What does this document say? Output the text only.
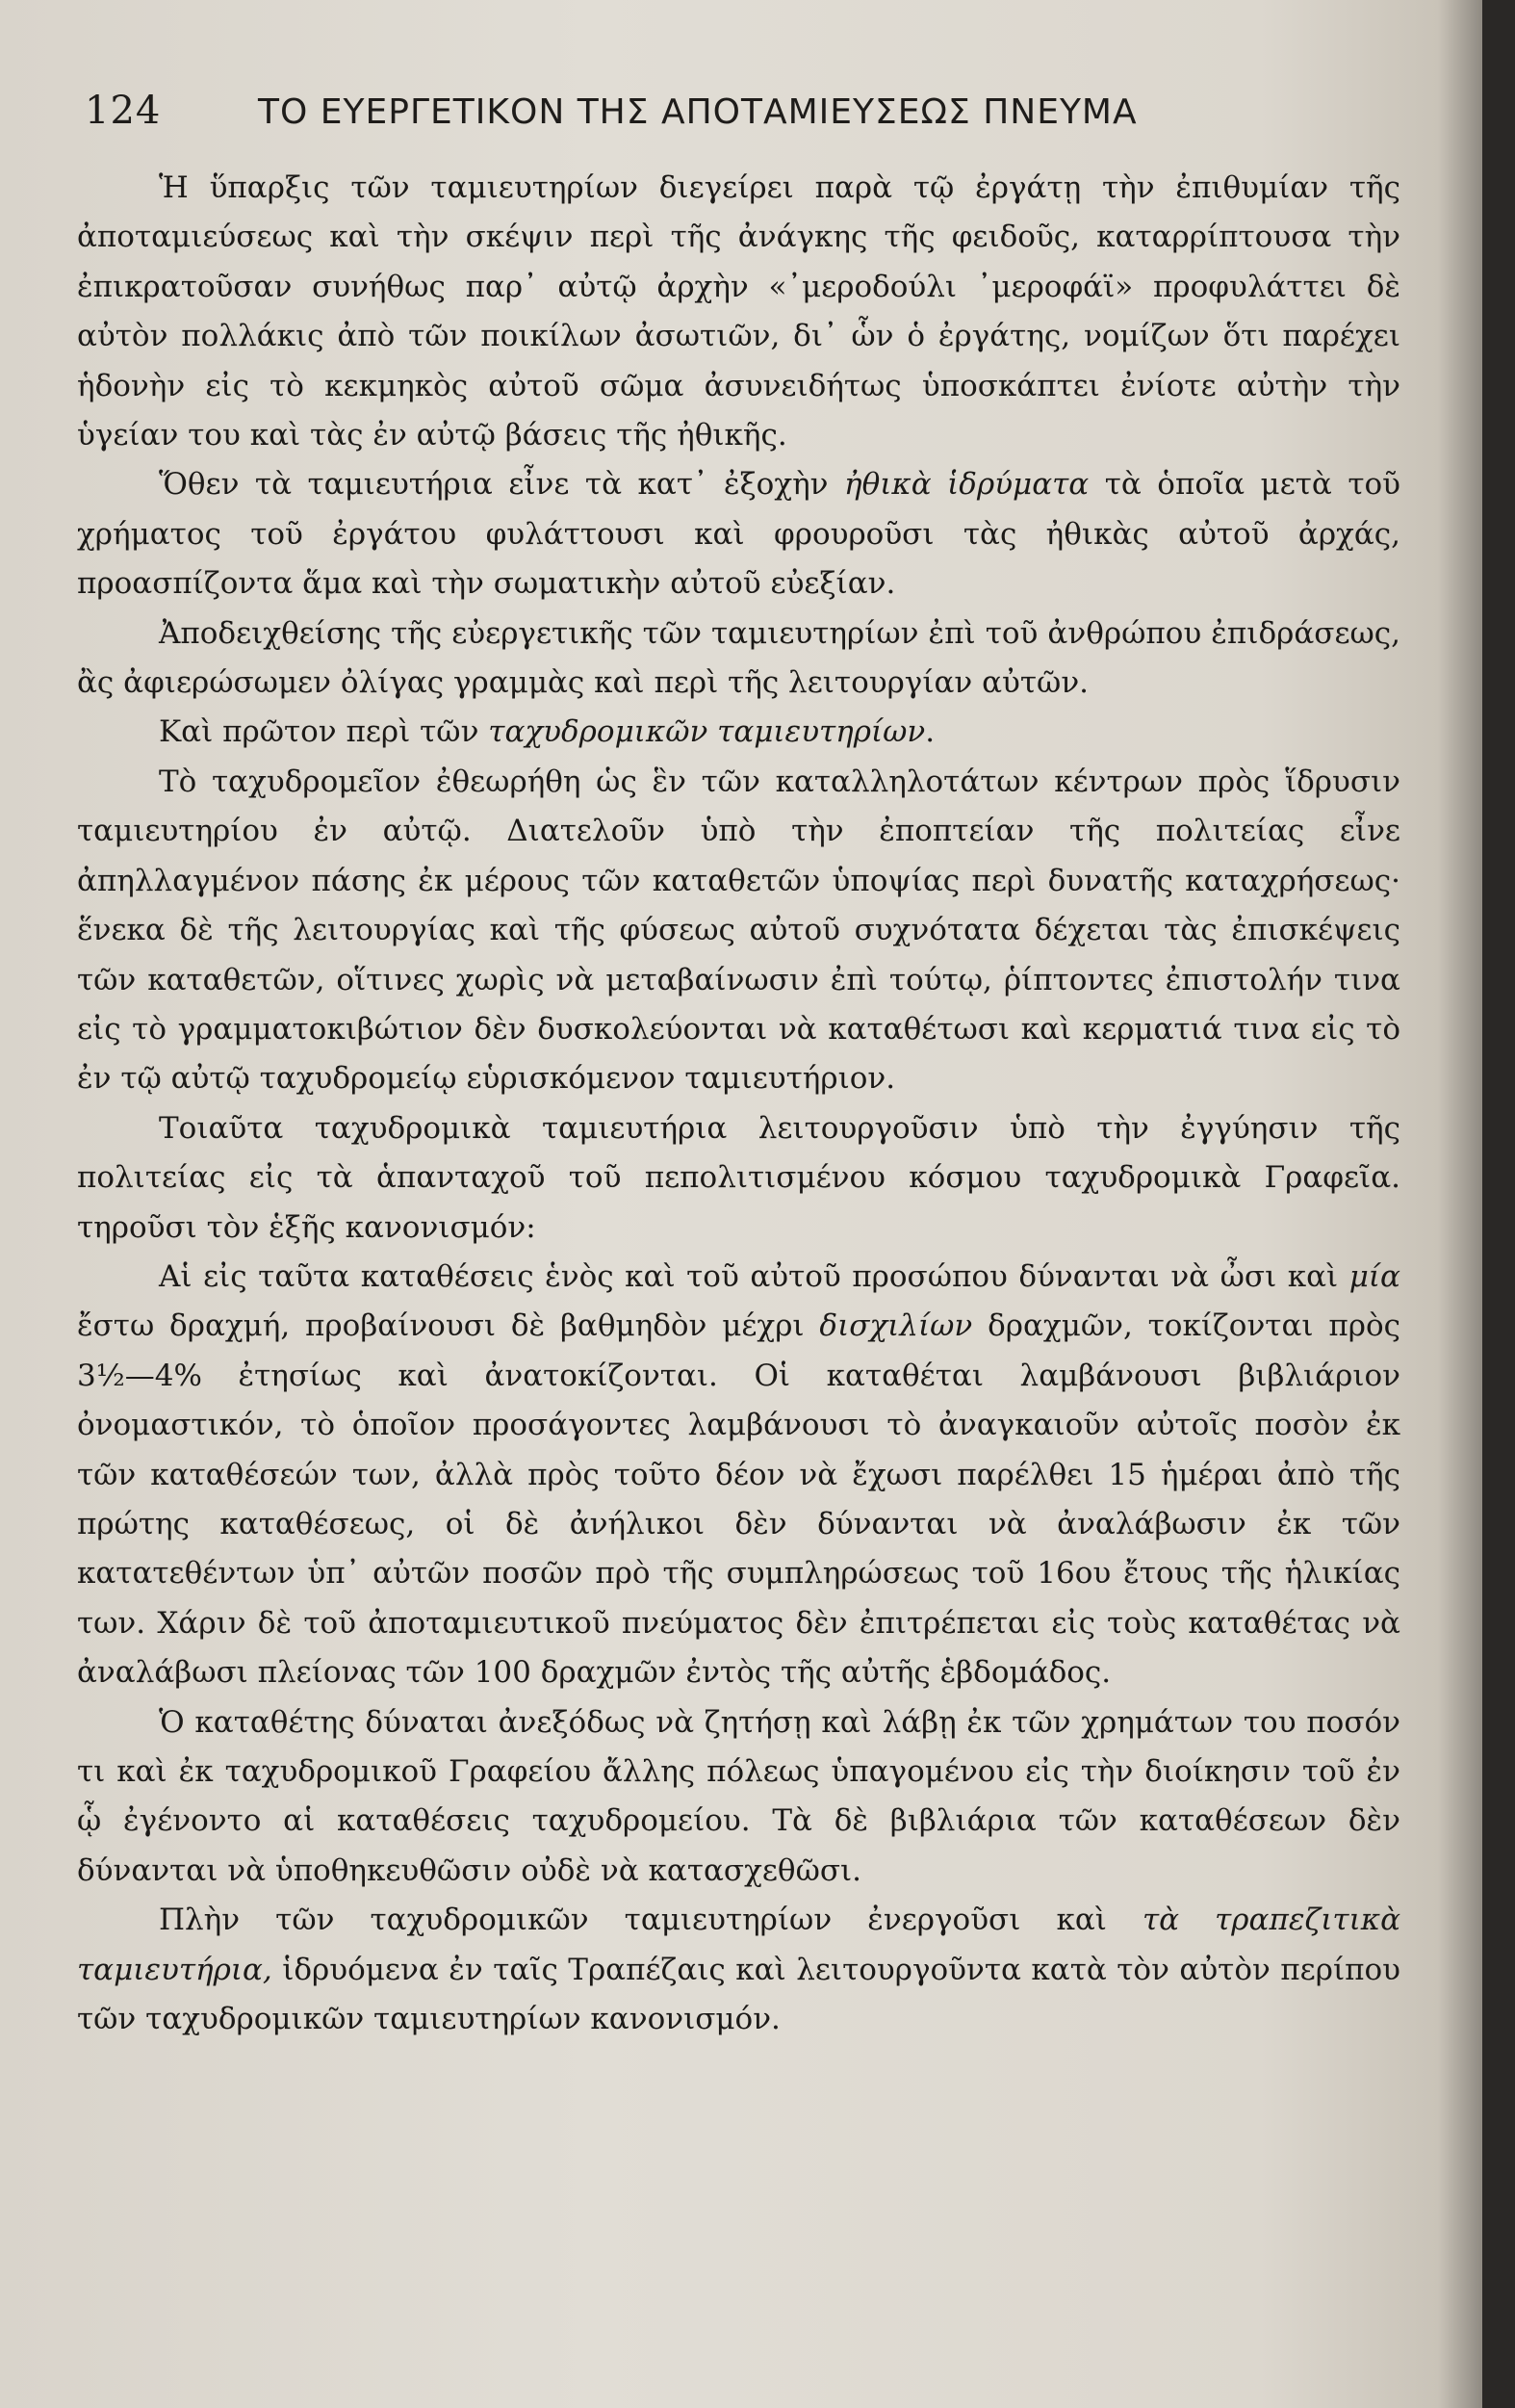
124	ΤΟ ΕΥΕΡΓΕΤΙΚΟΝ ΤΗΣ ΑΠΟΤΑΜΙΕΥΣΕΩΣ ΠΝΕΥΜΑ

Ἡ ὕπαρξις τῶν ταμιευτηρίων διεγείρει παρὰ τῷ ἐργάτῃ τὴν ἐπιθυμίαν τῆς ἀποταμιεύσεως καὶ τὴν σκέψιν περὶ τῆς ἀνάγκης τῆς φειδοῦς, καταρρίπτουσα τὴν ἐπικρατοῦσαν συνήθως παρ᾽ αὐτῷ ἀρχὴν «᾽μεροδούλι ᾽μεροφάϊ» προφυλάττει δὲ αὐτὸν πολλάκις ἀπὸ τῶν ποικίλων ἀσωτιῶν, δι᾽ ὧν ὁ ἐργάτης, νομίζων ὅτι παρέχει ἡδονὴν εἰς τὸ κεκμηκὸς αὐτοῦ σῶμα ἀσυνειδήτως ὑποσκάπτει ἐνίοτε αὐτὴν τὴν ὑγείαν του καὶ τὰς ἐν αὐτῷ βάσεις τῆς ἠθικῆς.

Ὅθεν τὰ ταμιευτήρια εἶνε τὰ κατ᾽ ἐξοχὴν ἠθικὰ ἱδρύματα τὰ ὁποῖα μετὰ τοῦ χρήματος τοῦ ἐργάτου φυλάττουσι καὶ φρουροῦσι τὰς ἠθικὰς αὐτοῦ ἀρχάς, προασπίζοντα ἅμα καὶ τὴν σωματικὴν αὐτοῦ εὐεξίαν.

Ἀποδειχθείσης τῆς εὐεργετικῆς τῶν ταμιευτηρίων ἐπὶ τοῦ ἀνθρώπου ἐπιδράσεως, ἂς ἀφιερώσωμεν ὀλίγας γραμμὰς καὶ περὶ τῆς λειτουργίαν αὐτῶν.

Καὶ πρῶτον περὶ τῶν ταχυδρομικῶν ταμιευτηρίων.

Τὸ ταχυδρομεῖον ἐθεωρήθη ὡς ἓν τῶν καταλληλοτάτων κέντρων πρὸς ἵδρυσιν ταμιευτηρίου ἐν αὐτῷ. Διατελοῦν ὑπὸ τὴν ἐποπτείαν τῆς πολιτείας εἶνε ἀπηλλαγμένον πάσης ἐκ μέρους τῶν καταθετῶν ὑποψίας περὶ δυνατῆς καταχρήσεως· ἕνεκα δὲ τῆς λειτουργίας καὶ τῆς φύσεως αὐτοῦ συχνότατα δέχεται τὰς ἐπισκέψεις τῶν καταθετῶν, οἵτινες χωρὶς νὰ μεταβαίνωσιν ἐπὶ τούτῳ, ῥίπτοντες ἐπιστολήν τινα εἰς τὸ γραμματοκιβώτιον δὲν δυσκολεύονται νὰ καταθέτωσι καὶ κερματιά τινα εἰς τὸ ἐν τῷ αὐτῷ ταχυδρομείῳ εὑρισκόμενον ταμιευτήριον.

Τοιαῦτα ταχυδρομικὰ ταμιευτήρια λειτουργοῦσιν ὑπὸ τὴν ἐγγύησιν τῆς πολιτείας εἰς τὰ ἁπανταχοῦ τοῦ πεπολιτισμένου κόσμου ταχυδρομικὰ Γραφεῖα. τηροῦσι τὸν ἑξῆς κανονισμόν:

Αἱ εἰς ταῦτα καταθέσεις ἑνὸς καὶ τοῦ αὐτοῦ προσώπου δύνανται νὰ ὦσι καὶ μία ἔστω δραχμή, προβαίνουσι δὲ βαθμηδὸν μέχρι δισχιλίων δραχμῶν, τοκίζονται πρὸς 3½—4% ἐτησίως καὶ ἀνατοκίζονται. Οἱ καταθέται λαμβάνουσι βιβλιάριον ὀνομαστικόν, τὸ ὁποῖον προσάγοντες λαμβάνουσι τὸ ἀναγκαιοῦν αὐτοῖς ποσὸν ἐκ τῶν καταθέσεών των, ἀλλὰ πρὸς τοῦτο δέον νὰ ἔχωσι παρέλθει 15 ἡμέραι ἀπὸ τῆς πρώτης καταθέσεως, οἱ δὲ ἀνήλικοι δὲν δύνανται νὰ ἀναλάβωσιν ἐκ τῶν κατατεθέντων ὑπ᾽ αὐτῶν ποσῶν πρὸ τῆς συμπληρώσεως τοῦ 16ου ἔτους τῆς ἡλικίας των. Χάριν δὲ τοῦ ἀποταμιευτικοῦ πνεύματος δὲν ἐπιτρέπεται εἰς τοὺς καταθέτας νὰ ἀναλάβωσι πλείονας τῶν 100 δραχμῶν ἐντὸς τῆς αὐτῆς ἑβδομάδος.

Ὁ καταθέτης δύναται ἀνεξόδως νὰ ζητήσῃ καὶ λάβῃ ἐκ τῶν χρημάτων του ποσόν τι καὶ ἐκ ταχυδρομικοῦ Γραφείου ἄλλης πόλεως ὑπαγομένου εἰς τὴν διοίκησιν τοῦ ἐν ᾧ ἐγένοντο αἱ καταθέσεις ταχυδρομείου. Τὰ δὲ βιβλιάρια τῶν καταθέσεων δὲν δύνανται νὰ ὑποθηκευθῶσιν οὐδὲ νὰ κατασχεθῶσι.

Πλὴν τῶν ταχυδρομικῶν ταμιευτηρίων ἐνεργοῦσι καὶ τὰ τραπεζιτικὰ ταμιευτήρια, ἱδρυόμενα ἐν ταῖς Τραπέζαις καὶ λειτουργοῦντα κατὰ τὸν αὐτὸν περίπου τῶν ταχυδρομικῶν ταμιευτηρίων κανονισμόν.
